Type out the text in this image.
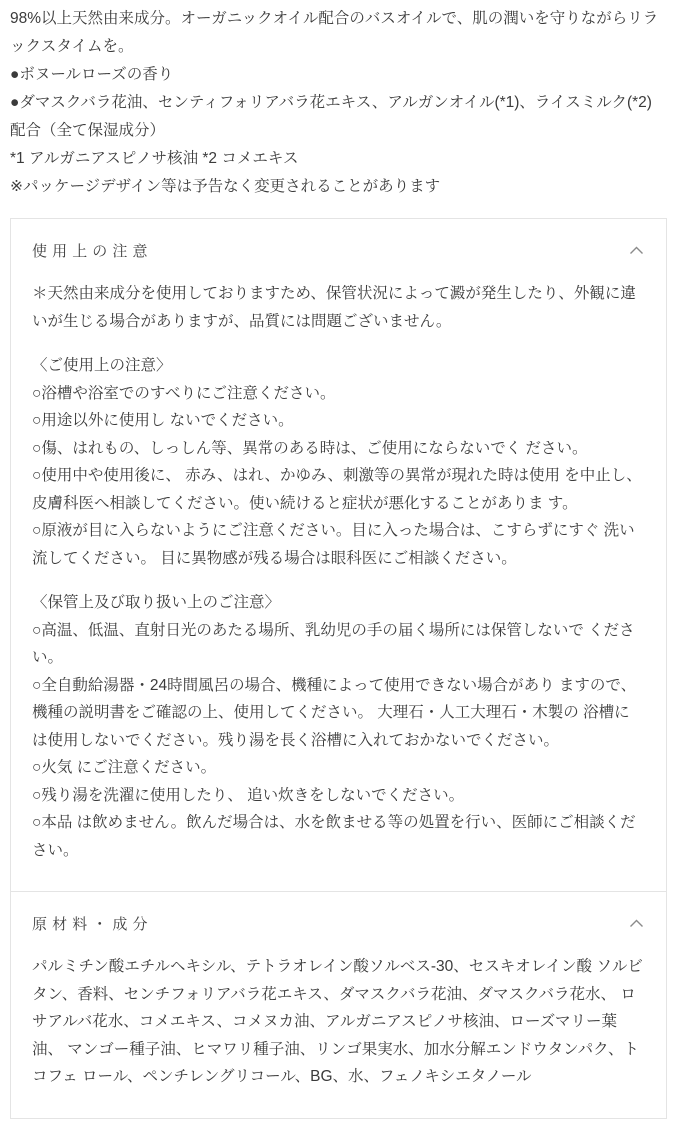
98%以上天然由来成分。オーガニックオイル配合のバスオイルで、肌の潤いを守りながらリラックスタイムを。

●ボヌールローズの香り

●ダマスクバラ花油、センティフォリアバラ花エキス、アルガンオイル(*1)、ライスミルク(*2) 配合（全て保湿成分）

*1 アルガニアスピノサ核油 *2 コメエキス

※パッケージデザイン等は予告なく変更されることがあります

使用上の注意

＊天然由来成分を使用しておりますため、保管状況によって澱が発生したり、外観に違いが生じる場合がありますが、品質には問題ございません。

〈ご使用上の注意〉

○浴槽や浴室でのすべりにご注意ください。

○用途以外に使用し ないでください。

○傷、はれもの、しっしん等、異常のある時は、ご使用にならないでく ださい。

○使用中や使用後に、 赤み、はれ、かゆみ、刺激等の異常が現れた時は使用 を中止し、皮膚科医へ相談してください。使い続けると症状が悪化することがありま す。

○原液が目に入らないようにご注意ください。目に入った場合は、こすらずにすぐ 洗い流してください。 目に異物感が残る場合は眼科医にご相談ください。

〈保管上及び取り扱い上のご注意〉

○高温、低温、直射日光のあたる場所、乳幼児の手の届く場所には保管しないで ください。

○全自動給湯器・24時間風呂の場合、機種によって使用できない場合があり ますので、機種の説明書をご確認の上、使用してください。 大理石・人工大理石・木製の 浴槽には使用しないでください。残り湯を長く浴槽に入れておかないでください。

○火気 にご注意ください。

○残り湯を洗濯に使用したり、 追い炊きをしないでください。

○本品 は飲めません。飲んだ場合は、水を飲ませる等の処置を行い、医師にご相談ください。

原材料・成分

パルミチン酸エチルヘキシル、テトラオレイン酸ソルベス-30、セスキオレイン酸 ソルビタン、香料、センチフォリアバラ花エキス、ダマスクバラ花油、ダマスクバラ花水、 ロサアルバ花水、コメエキス、コメヌカ油、アルガニアスピノサ核油、ローズマリー葉油、 マンゴー種子油、ヒマワリ種子油、リンゴ果実水、加水分解エンドウタンパク、トコフェ ロール、ペンチレングリコール、BG、水、フェノキシエタノール
